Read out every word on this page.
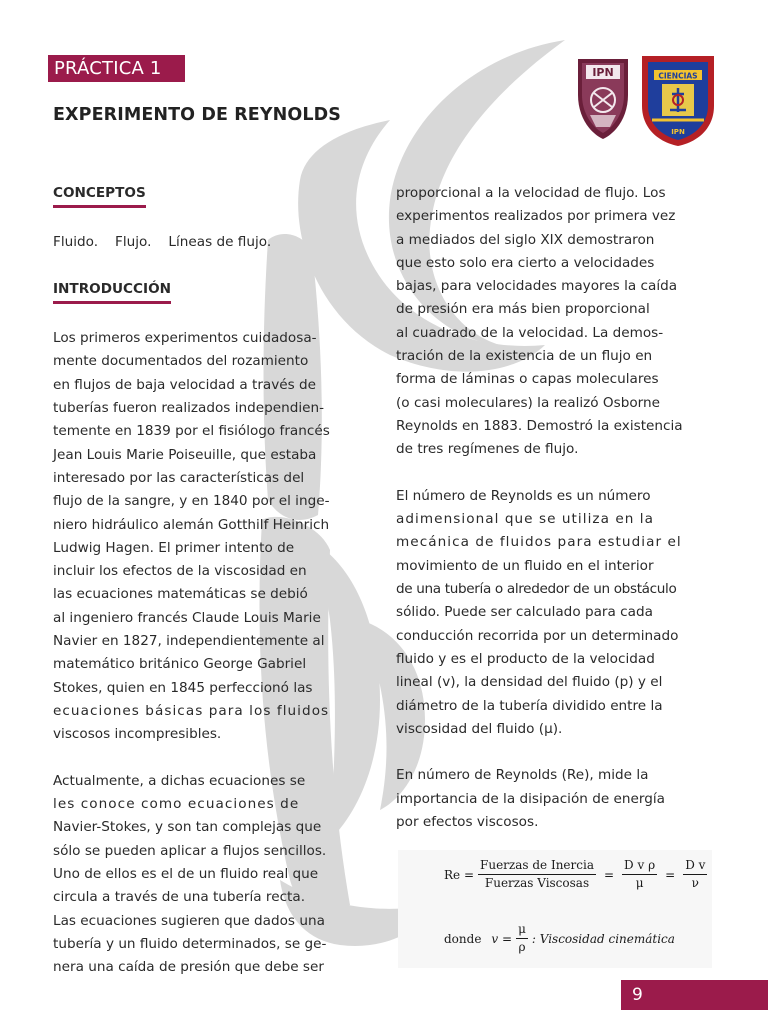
PRÁCTICA 1
EXPERIMENTO DE REYNOLDS
IPN	CIENCIAS
IPN
CONCEPTOS
Fluido. Flujo. Líneas de flujo.
INTRODUCCIÓN
Los primeros experimentos cuidadosa-
mente documentados del rozamiento
en flujos de baja velocidad a través de
tuberías fueron realizados independien-
temente en 1839 por el fisiólogo francés
Jean Louis Marie Poiseuille, que estaba
interesado por las características del
flujo de la sangre, y en 1840 por el inge-
niero hidráulico alemán Gotthilf Heinrich
Ludwig Hagen. El primer intento de
incluir los efectos de la viscosidad en
las ecuaciones matemáticas se debió
al ingeniero francés Claude Louis Marie
Navier en 1827, independientemente al
matemático británico George Gabriel
Stokes, quien en 1845 perfeccionó las
ecuaciones básicas para los fluidos
viscosos incompresibles.
Actualmente, a dichas ecuaciones se
les conoce como ecuaciones de
Navier-Stokes, y son tan complejas que
sólo se pueden aplicar a flujos sencillos.
Uno de ellos es el de un fluido real que
circula a través de una tubería recta.
Las ecuaciones sugieren que dados una
tubería y un fluido determinados, se ge-
nera una caída de presión que debe ser
proporcional a la velocidad de flujo. Los
experimentos realizados por primera vez
a mediados del siglo XIX demostraron
que esto solo era cierto a velocidades
bajas, para velocidades mayores la caída
de presión era más bien proporcional
al cuadrado de la velocidad. La demos-
tración de la existencia de un flujo en
forma de láminas o capas moleculares
(o casi moleculares) la realizó Osborne
Reynolds en 1883. Demostró la existencia
de tres regímenes de flujo.
El número de Reynolds es un número
adimensional que se utiliza en la
mecánica de fluidos para estudiar el
movimiento de un fluido en el interior
de una tubería o alrededor de un obstáculo
sólido. Puede ser calculado para cada
conducción recorrida por un determinado
fluido y es el producto de la velocidad
lineal (v), la densidad del fluido (p) y el
diámetro de la tubería dividido entre la
viscosidad del fluido (μ).
En número de Reynolds (Re), mide la
importancia de la disipación de energía
por efectos viscosos.
$Re = \frac{\text{Fuerzas de Inercia}}{\text{Fuerzas Viscosas}} = \frac{\text{D v ρ}}{\mu} = \frac{\text{D v}}{\nu}$
donde $v = \frac{\mu}{\rho}$ : Viscosidad cinemática
9
